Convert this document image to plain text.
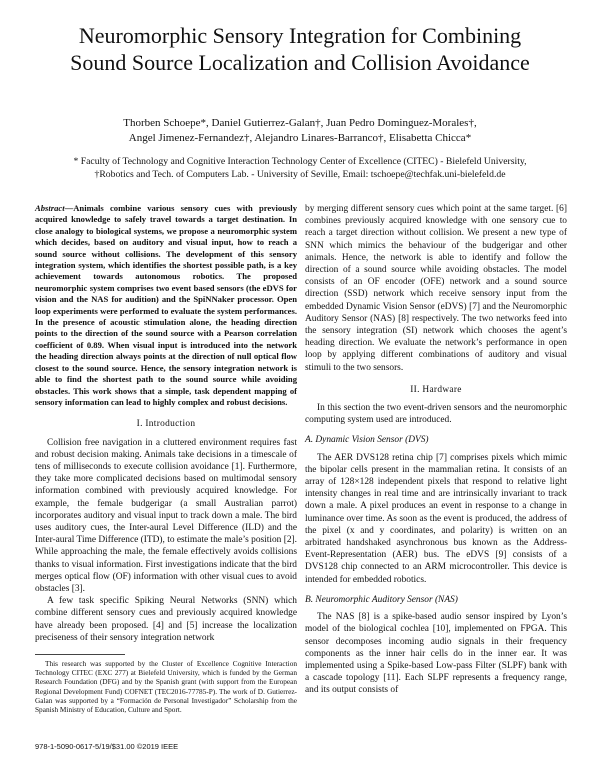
Neuromorphic Sensory Integration for Combining
Sound Source Localization and Collision Avoidance
Thorben Schoepe*, Daniel Gutierrez-Galan†, Juan Pedro Dominguez-Morales†,
Angel Jimenez-Fernandez†, Alejandro Linares-Barranco†, Elisabetta Chicca*
* Faculty of Technology and Cognitive Interaction Technology Center of Excellence (CITEC) - Bielefeld University,
†Robotics and Tech. of Computers Lab. - University of Seville, Email: tschoepe@techfak.uni-bielefeld.de
Abstract—Animals combine various sensory cues with previously acquired knowledge to safely travel towards a target destination. In close analogy to biological systems, we propose a neuromorphic system which decides, based on auditory and visual input, how to reach a sound source without collisions. The development of this sensory integration system, which identifies the shortest possible path, is a key achievement towards autonomous robotics. The proposed neuromorphic system comprises two event based sensors (the eDVS for vision and the NAS for audition) and the SpiNNaker processor. Open loop experiments were performed to evaluate the system performances. In the presence of acoustic stimulation alone, the heading direction points to the direction of the sound source with a Pearson correlation coefficient of 0.89. When visual input is introduced into the network the heading direction always points at the direction of null optical flow closest to the sound source. Hence, the sensory integration network is able to find the shortest path to the sound source while avoiding obstacles. This work shows that a simple, task dependent mapping of sensory information can lead to highly complex and robust decisions.
I. Introduction

Collision free navigation in a cluttered environment requires fast and robust decision making. Animals take decisions in a timescale of tens of milliseconds to execute collision avoidance [1]. Furthermore, they take more complicated decisions based on multimodal sensory information combined with previously acquired knowledge. For example, the female budgerigar (a small Australian parrot) incorporates auditory and visual input to track down a male. The bird uses auditory cues, the Inter-aural Level Difference (ILD) and the Inter-aural Time Difference (ITD), to estimate the male’s position [2]. While approaching the male, the female effectively avoids collisions thanks to visual information. First investigations indicate that the bird merges optical flow (OF) information with other visual cues to avoid obstacles [3].

A few task specific Spiking Neural Networks (SNN) which combine different sensory cues and previously acquired knowledge have already been proposed. [4] and [5] increase the localization preciseness of their sensory integration network

This research was supported by the Cluster of Excellence Cognitive Interaction Technology CITEC (EXC 277) at Bielefeld University, which is funded by the German Research Foundation (DFG) and by the Spanish grant (with support from the European Regional Development Fund) COFNET (TEC2016-77785-P). The work of D. Gutierrez-Galan was supported by a “Formación de Personal Investigador” Scholarship from the Spanish Ministry of Education, Culture and Sport.

by merging different sensory cues which point at the same target. [6] combines previously acquired knowledge with one sensory cue to reach a target direction without collision. We present a new type of SNN which mimics the behaviour of the budgerigar and other animals. Hence, the network is able to identify and follow the direction of a sound source while avoiding obstacles. The model consists of an OF encoder (OFE) network and a sound source direction (SSD) network which receive sensory input from the embedded Dynamic Vision Sensor (eDVS) [7] and the Neuromorphic Auditory Sensor (NAS) [8] respectively. The two networks feed into the sensory integration (SI) network which chooses the agent’s heading direction. We evaluate the network’s performance in open loop by applying different combinations of auditory and visual stimuli to the two sensors.

II. Hardware

In this section the two event-driven sensors and the neuromorphic computing system used are introduced.

A. Dynamic Vision Sensor (DVS)

The AER DVS128 retina chip [7] comprises pixels which mimic the bipolar cells present in the mammalian retina. It consists of an array of 128×128 independent pixels that respond to relative light intensity changes in real time and are intrinsically invariant to track down a male. A pixel produces an event in response to a change in luminance over time. As soon as the event is produced, the address of the pixel (x and y coordinates, and polarity) is written on an arbitrated handshaked asynchronous bus known as the Address-Event-Representation (AER) bus. The eDVS [9] consists of a DVS128 chip connected to an ARM microcontroller. This device is intended for embedded robotics.

B. Neuromorphic Auditory Sensor (NAS)

The NAS [8] is a spike-based audio sensor inspired by Lyon’s model of the biological cochlea [10], implemented on FPGA. This sensor decomposes incoming audio signals in their frequency components as the inner hair cells do in the inner ear. It was implemented using a Spike-based Low-pass Filter (SLPF) bank with a cascade topology [11]. Each SLPF represents a frequency range, and its output consists of

978-1-5090-0617-5/19/$31.00 ©2019 IEEE
